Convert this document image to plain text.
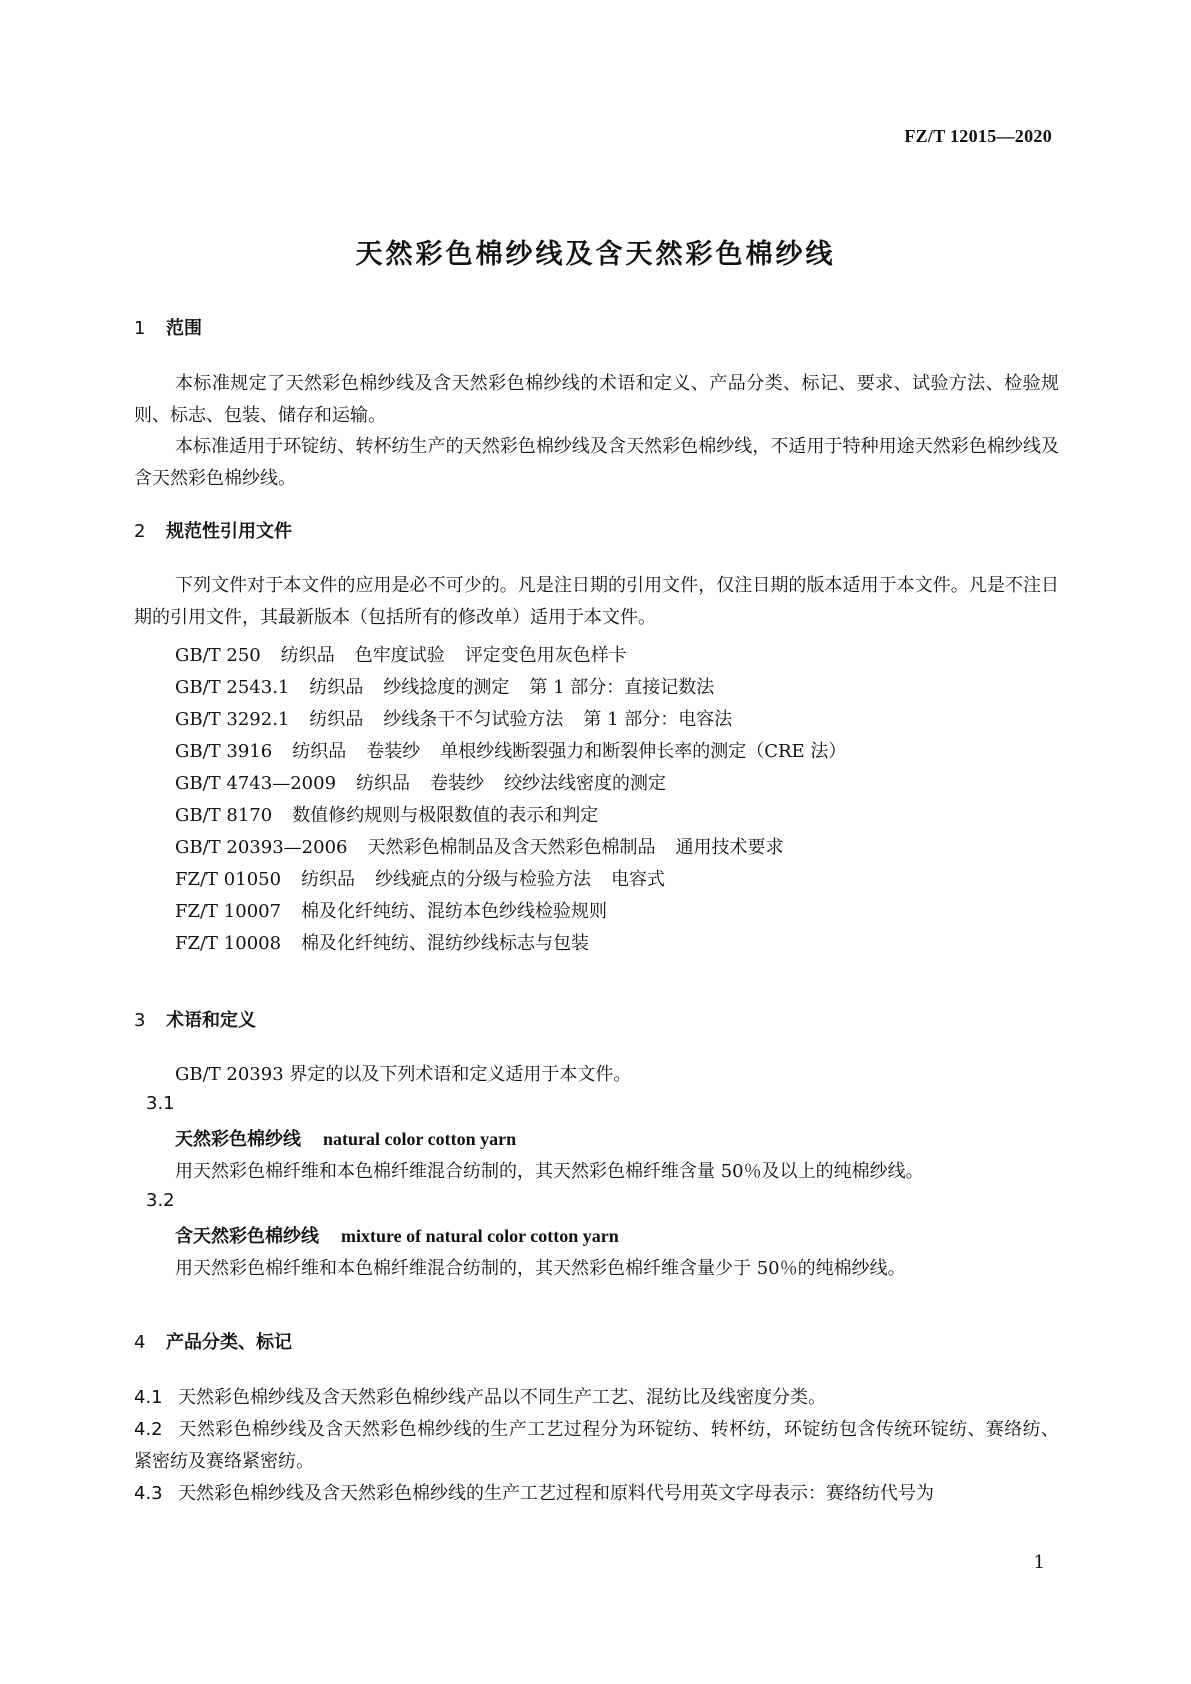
FZ/T 12015—2020
天然彩色棉纱线及含天然彩色棉纱线
1 范围
本标准规定了天然彩色棉纱线及含天然彩色棉纱线的术语和定义、产品分类、标记、要求、试验方法、检验规则、标志、包装、储存和运输。
本标准适用于环锭纺、转杯纺生产的天然彩色棉纱线及含天然彩色棉纱线，不适用于特种用途天然彩色棉纱线及含天然彩色棉纱线。
2 规范性引用文件
下列文件对于本文件的应用是必不可少的。凡是注日期的引用文件，仅注日期的版本适用于本文件。凡是不注日期的引用文件，其最新版本（包括所有的修改单）适用于本文件。
GB/T 250 纺织品 色牢度试验 评定变色用灰色样卡
GB/T 2543.1 纺织品 纱线捻度的测定 第 1 部分：直接记数法
GB/T 3292.1 纺织品 纱线条干不匀试验方法 第 1 部分：电容法
GB/T 3916 纺织品 卷装纱 单根纱线断裂强力和断裂伸长率的测定（CRE 法）
GB/T 4743—2009 纺织品 卷装纱 绞纱法线密度的测定
GB/T 8170 数值修约规则与极限数值的表示和判定
GB/T 20393—2006 天然彩色棉制品及含天然彩色棉制品 通用技术要求
FZ/T 01050 纺织品 纱线疵点的分级与检验方法 电容式
FZ/T 10007 棉及化纤纯纺、混纺本色纱线检验规则
FZ/T 10008 棉及化纤纯纺、混纺纱线标志与包装
3 术语和定义
GB/T 20393 界定的以及下列术语和定义适用于本文件。
3.1
天然彩色棉纱线 natural color cotton yarn
用天然彩色棉纤维和本色棉纤维混合纺制的，其天然彩色棉纤维含量 50％及以上的纯棉纱线。
3.2
含天然彩色棉纱线 mixture of natural color cotton yarn
用天然彩色棉纤维和本色棉纤维混合纺制的，其天然彩色棉纤维含量少于 50％的纯棉纱线。
4 产品分类、标记
4.1 天然彩色棉纱线及含天然彩色棉纱线产品以不同生产工艺、混纺比及线密度分类。
4.2 天然彩色棉纱线及含天然彩色棉纱线的生产工艺过程分为环锭纺、转杯纺，环锭纺包含传统环锭纺、赛络纺、紧密纺及赛络紧密纺。
4.3 天然彩色棉纱线及含天然彩色棉纱线的生产工艺过程和原料代号用英文字母表示：赛络纺代号为
1
